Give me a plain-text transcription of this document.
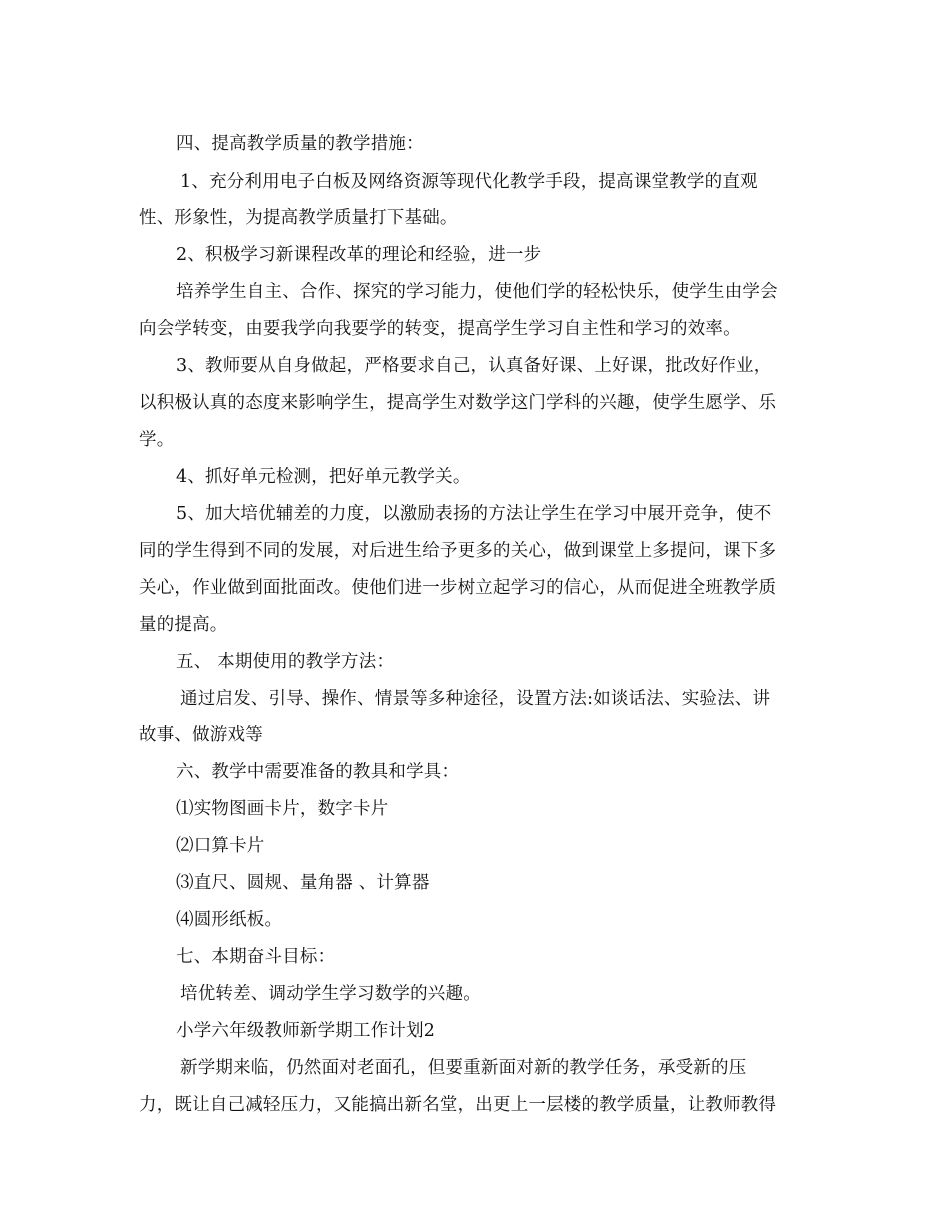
四、提高教学质量的教学措施：
1、充分利用电子白板及网络资源等现代化教学手段，提高课堂教学的直观
性、形象性，为提高教学质量打下基础。
2、积极学习新课程改革的理论和经验，进一步
培养学生自主、合作、探究的学习能力，使他们学的轻松快乐，使学生由学会
向会学转变，由要我学向我要学的转变，提高学生学习自主性和学习的效率。
3、教师要从自身做起，严格要求自己，认真备好课、上好课，批改好作业，
以积极认真的态度来影响学生，提高学生对数学这门学科的兴趣，使学生愿学、乐
学。
4、抓好单元检测，把好单元教学关。
5、加大培优辅差的力度，以激励表扬的方法让学生在学习中展开竞争，使不
同的学生得到不同的发展，对后进生给予更多的关心，做到课堂上多提问，课下多
关心，作业做到面批面改。使他们进一步树立起学习的信心，从而促进全班教学质
量的提高。
五、 本期使用的教学方法：
通过启发、引导、操作、情景等多种途径，设置方法:如谈话法、实验法、讲
故事、做游戏等
六、教学中需要准备的教具和学具：
⑴实物图画卡片，数字卡片
⑵口算卡片
⑶直尺、圆规、量角器 、计算器
⑷圆形纸板。
七、本期奋斗目标：
培优转差、调动学生学习数学的兴趣。
小学六年级教师新学期工作计划2
新学期来临，仍然面对老面孔，但要重新面对新的教学任务，承受新的压
力，既让自己减轻压力，又能搞出新名堂，出更上一层楼的教学质量，让教师教得
